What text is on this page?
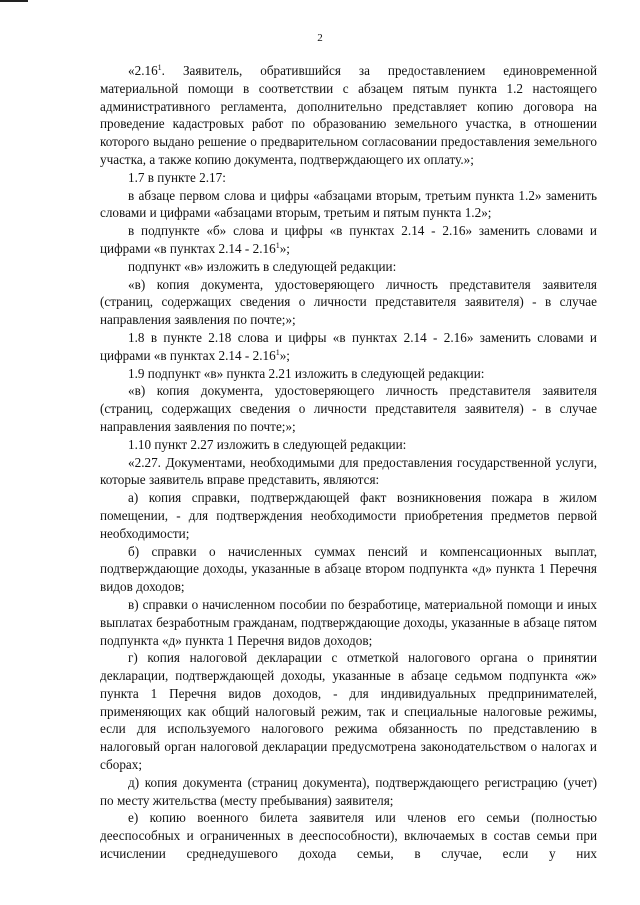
2

«2.16$^1$. Заявитель, обратившийся за предоставлением единовременной материальной помощи в соответствии с абзацем пятым пункта 1.2 настоящего административного регламента, дополнительно представляет копию договора на проведение кадастровых работ по образованию земельного участка, в отношении которого выдано решение о предварительном согласовании предоставления земельного участка, а также копию документа, подтверждающего их оплату.»;

1.7 в пункте 2.17:

в абзаце первом слова и цифры «абзацами вторым, третьим пункта 1.2» заменить словами и цифрами «абзацами вторым, третьим и пятым пункта 1.2»;

в подпункте «б» слова и цифры «в пунктах 2.14 - 2.16» заменить словами и цифрами «в пунктах 2.14 - 2.16$^1$»;

подпункт «в» изложить в следующей редакции:

«в) копия документа, удостоверяющего личность представителя заявителя (страниц, содержащих сведения о личности представителя заявителя) - в случае направления заявления по почте;»;

1.8 в пункте 2.18 слова и цифры «в пунктах 2.14 - 2.16» заменить словами и цифрами «в пунктах 2.14 - 2.16$^1$»;

1.9 подпункт «в» пункта 2.21 изложить в следующей редакции:

«в) копия документа, удостоверяющего личность представителя заявителя (страниц, содержащих сведения о личности представителя заявителя) - в случае направления заявления по почте;»;

1.10 пункт 2.27 изложить в следующей редакции:

«2.27. Документами, необходимыми для предоставления государственной услуги, которые заявитель вправе представить, являются:

а) копия справки, подтверждающей факт возникновения пожара в жилом помещении, - для подтверждения необходимости приобретения предметов первой необходимости;

б) справки о начисленных суммах пенсий и компенсационных выплат, подтверждающие доходы, указанные в абзаце втором подпункта «д» пункта 1 Перечня видов доходов;

в) справки о начисленном пособии по безработице, материальной помощи и иных выплатах безработным гражданам, подтверждающие доходы, указанные в абзаце пятом подпункта «д» пункта 1 Перечня видов доходов;

г) копия налоговой декларации с отметкой налогового органа о принятии декларации, подтверждающей доходы, указанные в абзаце седьмом подпункта «ж» пункта 1 Перечня видов доходов, - для индивидуальных предпринимателей, применяющих как общий налоговый режим, так и специальные налоговые режимы, если для используемого налогового режима обязанность по представлению в налоговый орган налоговой декларации предусмотрена законодательством о налогах и сборах;

д) копия документа (страниц документа), подтверждающего регистрацию (учет) по месту жительства (месту пребывания) заявителя;

е) копию военного билета заявителя или членов его семьи (полностью дееспособных и ограниченных в дееспособности), включаемых в состав семьи при исчислении среднедушевого дохода семьи, в случае, если у них
